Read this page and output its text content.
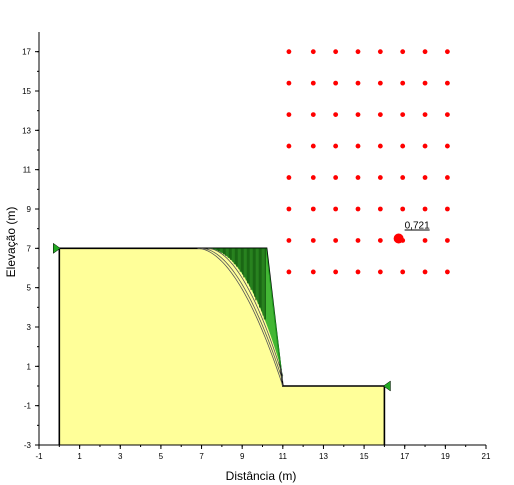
-1	1	3	5	7	9	11	13	15	17	19	21
-3
-1
1
3
5
7
9
11
13
15
17
0,721
Distância (m)
Elevação (m)
